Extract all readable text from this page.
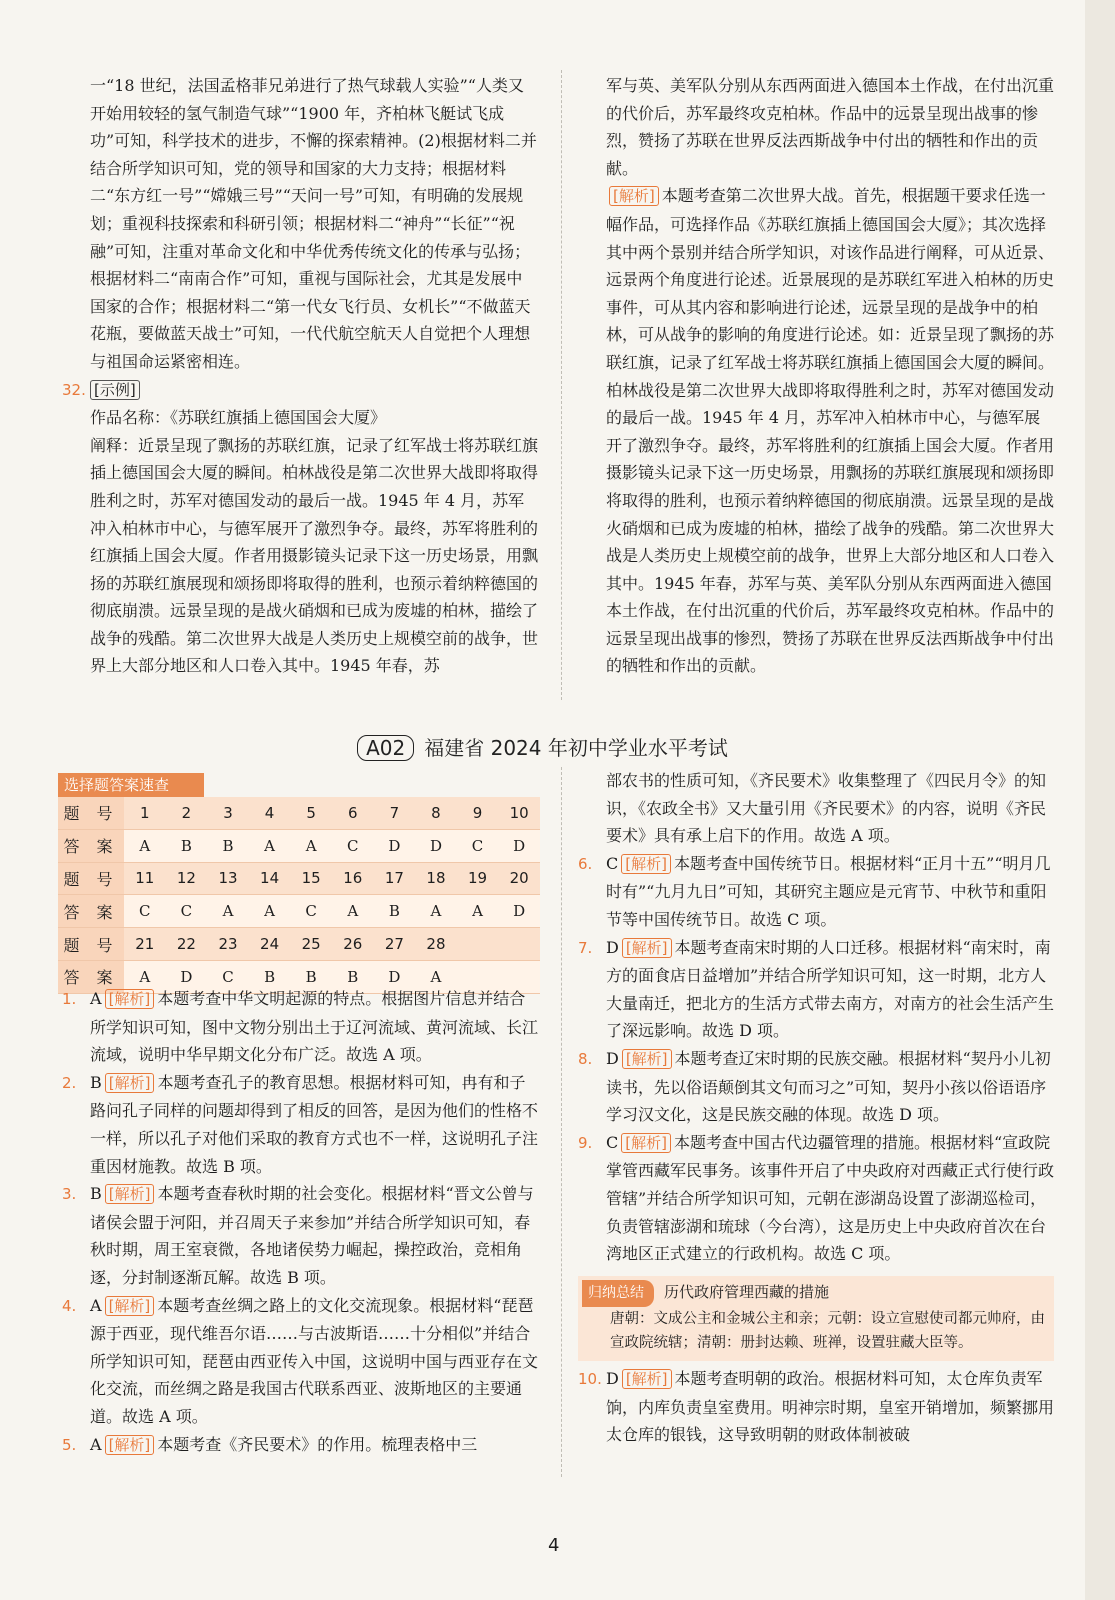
一“18 世纪，法国孟格菲兄弟进行了热气球载人实验”“人类又开始用较轻的氢气制造气球”“1900 年，齐柏林飞艇试飞成功”可知，科学技术的进步，不懈的探索精神。(2)根据材料二并结合所学知识可知，党的领导和国家的大力支持；根据材料二“东方红一号”“嫦娥三号”“天问一号”可知，有明确的发展规划；重视科技探索和科研引领；根据材料二“神舟”“长征”“祝融”可知，注重对革命文化和中华优秀传统文化的传承与弘扬；根据材料二“南南合作”可知，重视与国际社会，尤其是发展中国家的合作；根据材料二“第一代女飞行员、女机长”“不做蓝天花瓶，要做蓝天战士”可知，一代代航空航天人自觉把个人理想与祖国命运紧密相连。

32. [示例]

作品名称：《苏联红旗插上德国国会大厦》

阐释：近景呈现了飘扬的苏联红旗，记录了红军战士将苏联红旗插上德国国会大厦的瞬间。柏林战役是第二次世界大战即将取得胜利之时，苏军对德国发动的最后一战。1945 年 4 月，苏军冲入柏林市中心，与德军展开了激烈争夺。最终，苏军将胜利的红旗插上国会大厦。作者用摄影镜头记录下这一历史场景，用飘扬的苏联红旗展现和颂扬即将取得的胜利，也预示着纳粹德国的彻底崩溃。远景呈现的是战火硝烟和已成为废墟的柏林，描绘了战争的残酷。第二次世界大战是人类历史上规模空前的战争，世界上大部分地区和人口卷入其中。1945 年春，苏

军与英、美军队分别从东西两面进入德国本土作战，在付出沉重的代价后，苏军最终攻克柏林。作品中的远景呈现出战事的惨烈，赞扬了苏联在世界反法西斯战争中付出的牺牲和作出的贡献。

[解析] 本题考查第二次世界大战。首先，根据题干要求任选一幅作品，可选择作品《苏联红旗插上德国国会大厦》；其次选择其中两个景别并结合所学知识，对该作品进行阐释，可从近景、远景两个角度进行论述。近景展现的是苏联红军进入柏林的历史事件，可从其内容和影响进行论述，远景呈现的是战争中的柏林，可从战争的影响的角度进行论述。如：近景呈现了飘扬的苏联红旗，记录了红军战士将苏联红旗插上德国国会大厦的瞬间。柏林战役是第二次世界大战即将取得胜利之时，苏军对德国发动的最后一战。1945 年 4 月，苏军冲入柏林市中心，与德军展开了激烈争夺。最终，苏军将胜利的红旗插上国会大厦。作者用摄影镜头记录下这一历史场景，用飘扬的苏联红旗展现和颂扬即将取得的胜利，也预示着纳粹德国的彻底崩溃。远景呈现的是战火硝烟和已成为废墟的柏林，描绘了战争的残酷。第二次世界大战是人类历史上规模空前的战争，世界上大部分地区和人口卷入其中。1945 年春，苏军与英、美军队分别从东西两面进入德国本土作战，在付出沉重的代价后，苏军最终攻克柏林。作品中的远景呈现出战事的惨烈，赞扬了苏联在世界反法西斯战争中付出的牺牲和作出的贡献。

A02 福建省 2024 年初中学业水平考试
选择题答案速查
题 号	1	2	3	4	5	6	7	8	9	10
答 案	A	B	B	A	A	C	D	D	C	D
题 号	11	12	13	14	15	16	17	18	19	20
答 案	C	C	A	A	C	A	B	A	A	D
题 号	21	22	23	24	25	26	27	28		
答 案	A	D	C	B	B	B	D	A		

1. A [解析] 本题考查中华文明起源的特点。根据图片信息并结合所学知识可知，图中文物分别出土于辽河流域、黄河流域、长江流域，说明中华早期文化分布广泛。故选 A 项。

2. B [解析] 本题考查孔子的教育思想。根据材料可知，冉有和子路问孔子同样的问题却得到了相反的回答，是因为他们的性格不一样，所以孔子对他们采取的教育方式也不一样，这说明孔子注重因材施教。故选 B 项。

3. B [解析] 本题考查春秋时期的社会变化。根据材料“晋文公曾与诸侯会盟于河阳，并召周天子来参加”并结合所学知识可知，春秋时期，周王室衰微，各地诸侯势力崛起，操控政治，竞相角逐，分封制逐渐瓦解。故选 B 项。

4. A [解析] 本题考查丝绸之路上的文化交流现象。根据材料“琵琶源于西亚，现代维吾尔语……与古波斯语……十分相似”并结合所学知识可知，琵琶由西亚传入中国，这说明中国与西亚存在文化交流，而丝绸之路是我国古代联系西亚、波斯地区的主要通道。故选 A 项。

5. A [解析] 本题考查《齐民要术》的作用。梳理表格中三

部农书的性质可知，《齐民要术》收集整理了《四民月令》的知识，《农政全书》又大量引用《齐民要术》的内容，说明《齐民要术》具有承上启下的作用。故选 A 项。

6. C [解析] 本题考查中国传统节日。根据材料“正月十五”“明月几时有”“九月九日”可知，其研究主题应是元宵节、中秋节和重阳节等中国传统节日。故选 C 项。

7. D [解析] 本题考查南宋时期的人口迁移。根据材料“南宋时，南方的面食店日益增加”并结合所学知识可知，这一时期，北方人大量南迁，把北方的生活方式带去南方，对南方的社会生活产生了深远影响。故选 D 项。

8. D [解析] 本题考查辽宋时期的民族交融。根据材料“契丹小儿初读书，先以俗语颠倒其文句而习之”可知，契丹小孩以俗语语序学习汉文化，这是民族交融的体现。故选 D 项。

9. C [解析] 本题考查中国古代边疆管理的措施。根据材料“宣政院掌管西藏军民事务。该事件开启了中央政府对西藏正式行使行政管辖”并结合所学知识可知，元朝在澎湖岛设置了澎湖巡检司，负责管辖澎湖和琉球（今台湾），这是历史上中央政府首次在台湾地区正式建立的行政机构。故选 C 项。

归纳总结 历代政府管理西藏的措施
唐朝：文成公主和金城公主和亲；元朝：设立宣慰使司都元帅府，由宣政院统辖；清朝：册封达赖、班禅，设置驻藏大臣等。

10. D [解析] 本题考查明朝的政治。根据材料可知，太仓库负责军饷，内库负责皇室费用。明神宗时期，皇室开销增加，频繁挪用太仓库的银钱，这导致明朝的财政体制被破

4
